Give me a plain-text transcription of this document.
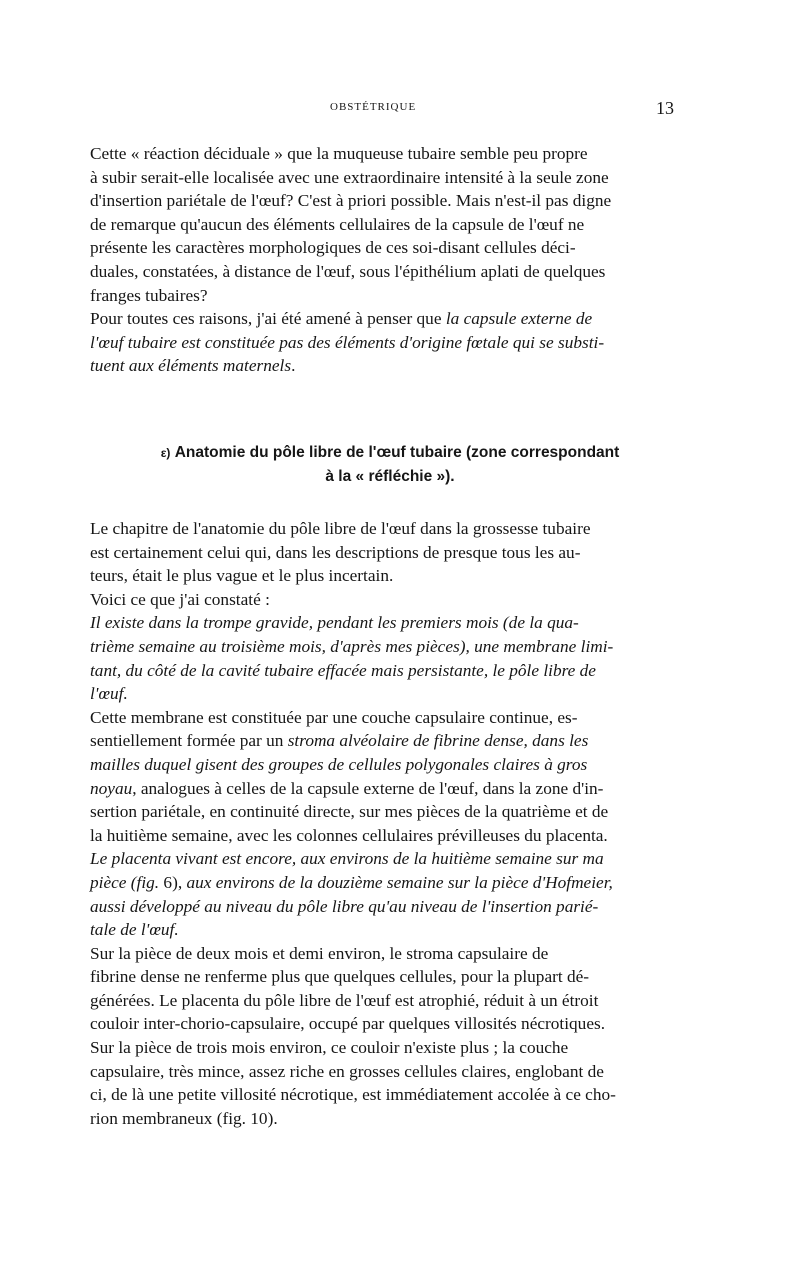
OBSTÉTRIQUE	13

Cette « réaction déciduale » que la muqueuse tubaire semble peu propre
à subir serait-elle localisée avec une extraordinaire intensité à la seule zone
d'insertion pariétale de l'œuf? C'est à priori possible. Mais n'est-il pas digne
de remarque qu'aucun des éléments cellulaires de la capsule de l'œuf ne
présente les caractères morphologiques de ces soi-disant cellules déci-
duales, constatées, à distance de l'œuf, sous l'épithélium aplati de quelques
franges tubaires?

Pour toutes ces raisons, j'ai été amené à penser que la capsule externe de
l'œuf tubaire est constituée pas des éléments d'origine fœtale qui se substi-
tuent aux éléments maternels.

ε) Anatomie du pôle libre de l'œuf tubaire (zone correspondant
à la « réfléchie »).

Le chapitre de l'anatomie du pôle libre de l'œuf dans la grossesse tubaire
est certainement celui qui, dans les descriptions de presque tous les au-
teurs, était le plus vague et le plus incertain.

Voici ce que j'ai constaté :

Il existe dans la trompe gravide, pendant les premiers mois (de la qua-
trième semaine au troisième mois, d'après mes pièces), une membrane limi-
tant, du côté de la cavité tubaire effacée mais persistante, le pôle libre de
l'œuf.

Cette membrane est constituée par une couche capsulaire continue, es-
sentiellement formée par un stroma alvéolaire de fibrine dense, dans les
mailles duquel gisent des groupes de cellules polygonales claires à gros
noyau, analogues à celles de la capsule externe de l'œuf, dans la zone d'in-
sertion pariétale, en continuité directe, sur mes pièces de la quatrième et de
la huitième semaine, avec les colonnes cellulaires prévilleuses du placenta.

Le placenta vivant est encore, aux environs de la huitième semaine sur ma
pièce (fig. 6), aux environs de la douzième semaine sur la pièce d'Hofmeier,
aussi développé au niveau du pôle libre qu'au niveau de l'insertion parié-
tale de l'œuf.

Sur la pièce de deux mois et demi environ, le stroma capsulaire de
fibrine dense ne renferme plus que quelques cellules, pour la plupart dé-
générées. Le placenta du pôle libre de l'œuf est atrophié, réduit à un étroit
couloir inter-chorio-capsulaire, occupé par quelques villosités nécrotiques.

Sur la pièce de trois mois environ, ce couloir n'existe plus ; la couche
capsulaire, très mince, assez riche en grosses cellules claires, englobant de
ci, de là une petite villosité nécrotique, est immédiatement accolée à ce cho-
rion membraneux (fig. 10).
